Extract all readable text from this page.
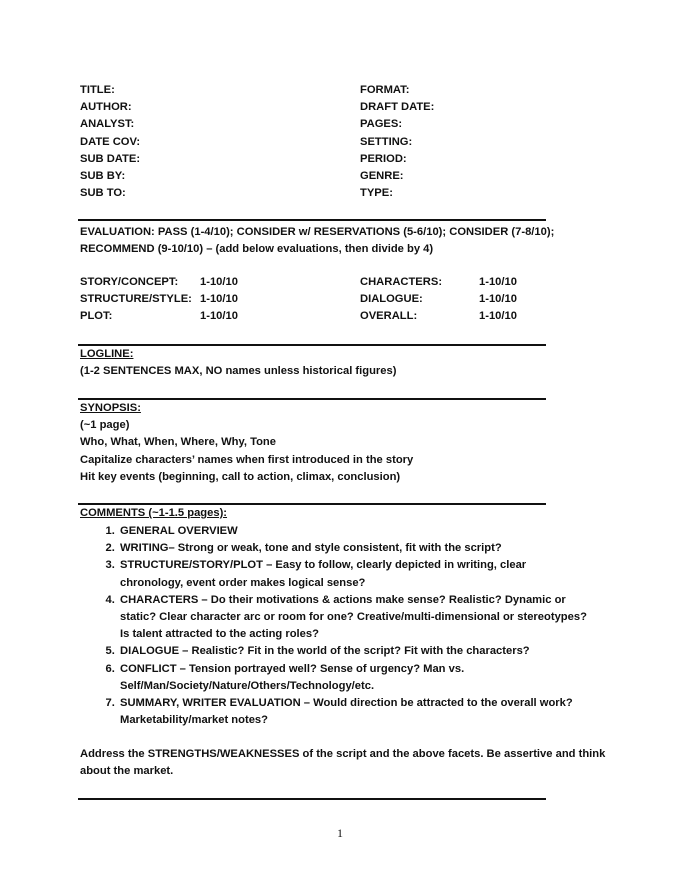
TITLE:
AUTHOR:
ANALYST:
DATE COV:
SUB DATE:
SUB BY:
SUB TO:
FORMAT:
DRAFT DATE:
PAGES:
SETTING:
PERIOD:
GENRE:
TYPE:
EVALUATION: PASS (1-4/10); CONSIDER w/ RESERVATIONS (5-6/10); CONSIDER (7-8/10);
RECOMMEND (9-10/10) – (add below evaluations, then divide by 4)
STORY/CONCEPT:
STRUCTURE/STYLE:
PLOT:
1-10/10
1-10/10
1-10/10
CHARACTERS:
DIALOGUE:
OVERALL:
1-10/10
1-10/10
1-10/10
LOGLINE:
(1-2 SENTENCES MAX, NO names unless historical figures)
SYNOPSIS:
(~1 page)
Who, What, When, Where, Why, Tone
Capitalize characters’ names when first introduced in the story
Hit key events (beginning, call to action, climax, conclusion)
COMMENTS (~1-1.5 pages):
1. GENERAL OVERVIEW
2. WRITING– Strong or weak, tone and style consistent, fit with the script?
3. STRUCTURE/STORY/PLOT – Easy to follow, clearly depicted in writing, clear chronology, event order makes logical sense?
4. CHARACTERS – Do their motivations & actions make sense? Realistic? Dynamic or static? Clear character arc or room for one? Creative/multi-dimensional or stereotypes? Is talent attracted to the acting roles?
5. DIALOGUE – Realistic? Fit in the world of the script? Fit with the characters?
6. CONFLICT – Tension portrayed well? Sense of urgency? Man vs. Self/Man/Society/Nature/Others/Technology/etc.
7. SUMMARY, WRITER EVALUATION – Would direction be attracted to the overall work? Marketability/market notes?
Address the STRENGTHS/WEAKNESSES of the script and the above facets. Be assertive and think
about the market.
1
